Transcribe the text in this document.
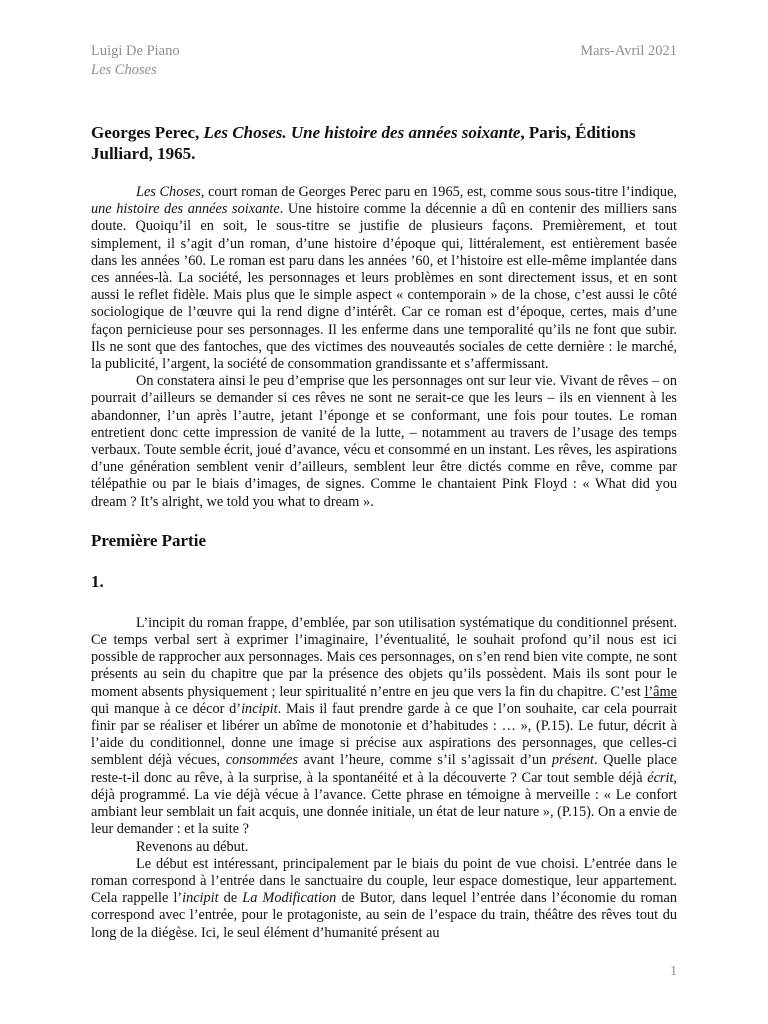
Luigi De Piano
Les Choses
Mars-Avril 2021
Georges Perec, Les Choses. Une histoire des années soixante, Paris, Éditions Julliard, 1965.

Les Choses, court roman de Georges Perec paru en 1965, est, comme sous sous-titre l’indique, une histoire des années soixante. Une histoire comme la décennie a dû en contenir des milliers sans doute. Quoiqu’il en soit, le sous-titre se justifie de plusieurs façons. Premièrement, et tout simplement, il s’agit d’un roman, d’une histoire d’époque qui, littéralement, est entièrement basée dans les années ’60. Le roman est paru dans les années ’60, et l’histoire est elle-même implantée dans ces années-là. La société, les personnages et leurs problèmes en sont directement issus, et en sont aussi le reflet fidèle. Mais plus que le simple aspect « contemporain » de la chose, c’est aussi le côté sociologique de l’œuvre qui la rend digne d’intérêt. Car ce roman est d’époque, certes, mais d’une façon pernicieuse pour ses personnages. Il les enferme dans une temporalité qu’ils ne font que subir. Ils ne sont que des fantoches, que des victimes des nouveautés sociales de cette dernière : le marché, la publicité, l’argent, la société de consommation grandissante et s’affermissant.

On constatera ainsi le peu d’emprise que les personnages ont sur leur vie. Vivant de rêves – on pourrait d’ailleurs se demander si ces rêves ne sont ne serait-ce que les leurs – ils en viennent à les abandonner, l’un après l’autre, jetant l’éponge et se conformant, une fois pour toutes. Le roman entretient donc cette impression de vanité de la lutte, – notamment au travers de l’usage des temps verbaux. Toute semble écrit, joué d’avance, vécu et consommé en un instant. Les rêves, les aspirations d’une génération semblent venir d’ailleurs, semblent leur être dictés comme en rêve, comme par télépathie ou par le biais d’images, de signes. Comme le chantaient Pink Floyd : « What did you dream ? It’s alright, we told you what to dream ».

Première Partie
1.

L’incipit du roman frappe, d’emblée, par son utilisation systématique du conditionnel présent. Ce temps verbal sert à exprimer l’imaginaire, l’éventualité, le souhait profond qu’il nous est ici possible de rapprocher aux personnages. Mais ces personnages, on s’en rend bien vite compte, ne sont présents au sein du chapitre que par la présence des objets qu’ils possèdent. Mais ils sont pour le moment absents physiquement ; leur spiritualité n’entre en jeu que vers la fin du chapitre. C’est l’âme qui manque à ce décor d’incipit. Mais il faut prendre garde à ce que l’on souhaite, car cela pourrait finir par se réaliser et libérer un abîme de monotonie et d’habitudes : … », (P.15). Le futur, décrit à l’aide du conditionnel, donne une image si précise aux aspirations des personnages, que celles-ci semblent déjà vécues, consommées avant l’heure, comme s’il s’agissait d’un présent. Quelle place reste-t-il donc au rêve, à la surprise, à la spontanéité et à la découverte ? Car tout semble déjà écrit, déjà programmé. La vie déjà vécue à l’avance. Cette phrase en témoigne à merveille : « Le confort ambiant leur semblait un fait acquis, une donnée initiale, un état de leur nature », (P.15). On a envie de leur demander : et la suite ?

Revenons au début.

Le début est intéressant, principalement par le biais du point de vue choisi. L’entrée dans le roman correspond à l’entrée dans le sanctuaire du couple, leur espace domestique, leur appartement. Cela rappelle l’incipit de La Modification de Butor, dans lequel l’entrée dans l’économie du roman correspond avec l’entrée, pour le protagoniste, au sein de l’espace du train, théâtre des rêves tout du long de la diégèse. Ici, le seul élément d’humanité présent au

1
